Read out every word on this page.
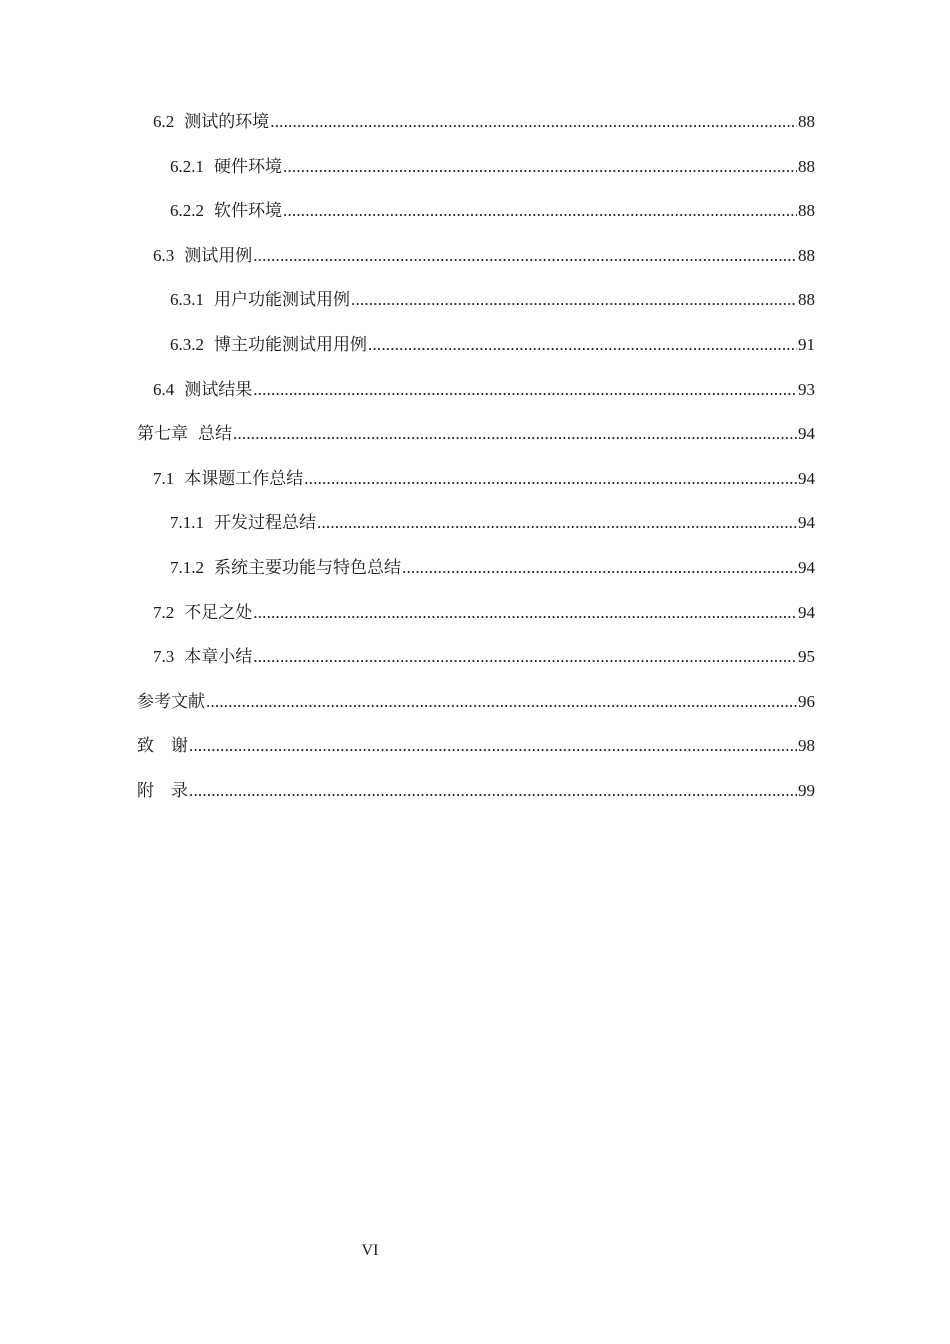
6.2 测试的环境 .....	88
6.2.1 硬件环境 .....	88
6.2.2 软件环境 .....	88
6.3 测试用例 .....	88
6.3.1 用户功能测试用例 .....	88
6.3.2 博主功能测试用用例 .....	91
6.4 测试结果 .....	93
第七章 总结 .....	94
7.1 本课题工作总结 .....	94
7.1.1 开发过程总结 .....	94
7.1.2 系统主要功能与特色总结 .....	94
7.2 不足之处 .....	94
7.3 本章小结 .....	95
参考文献 .....	96
致　谢 .....	98
附　录 .....	99
VI
